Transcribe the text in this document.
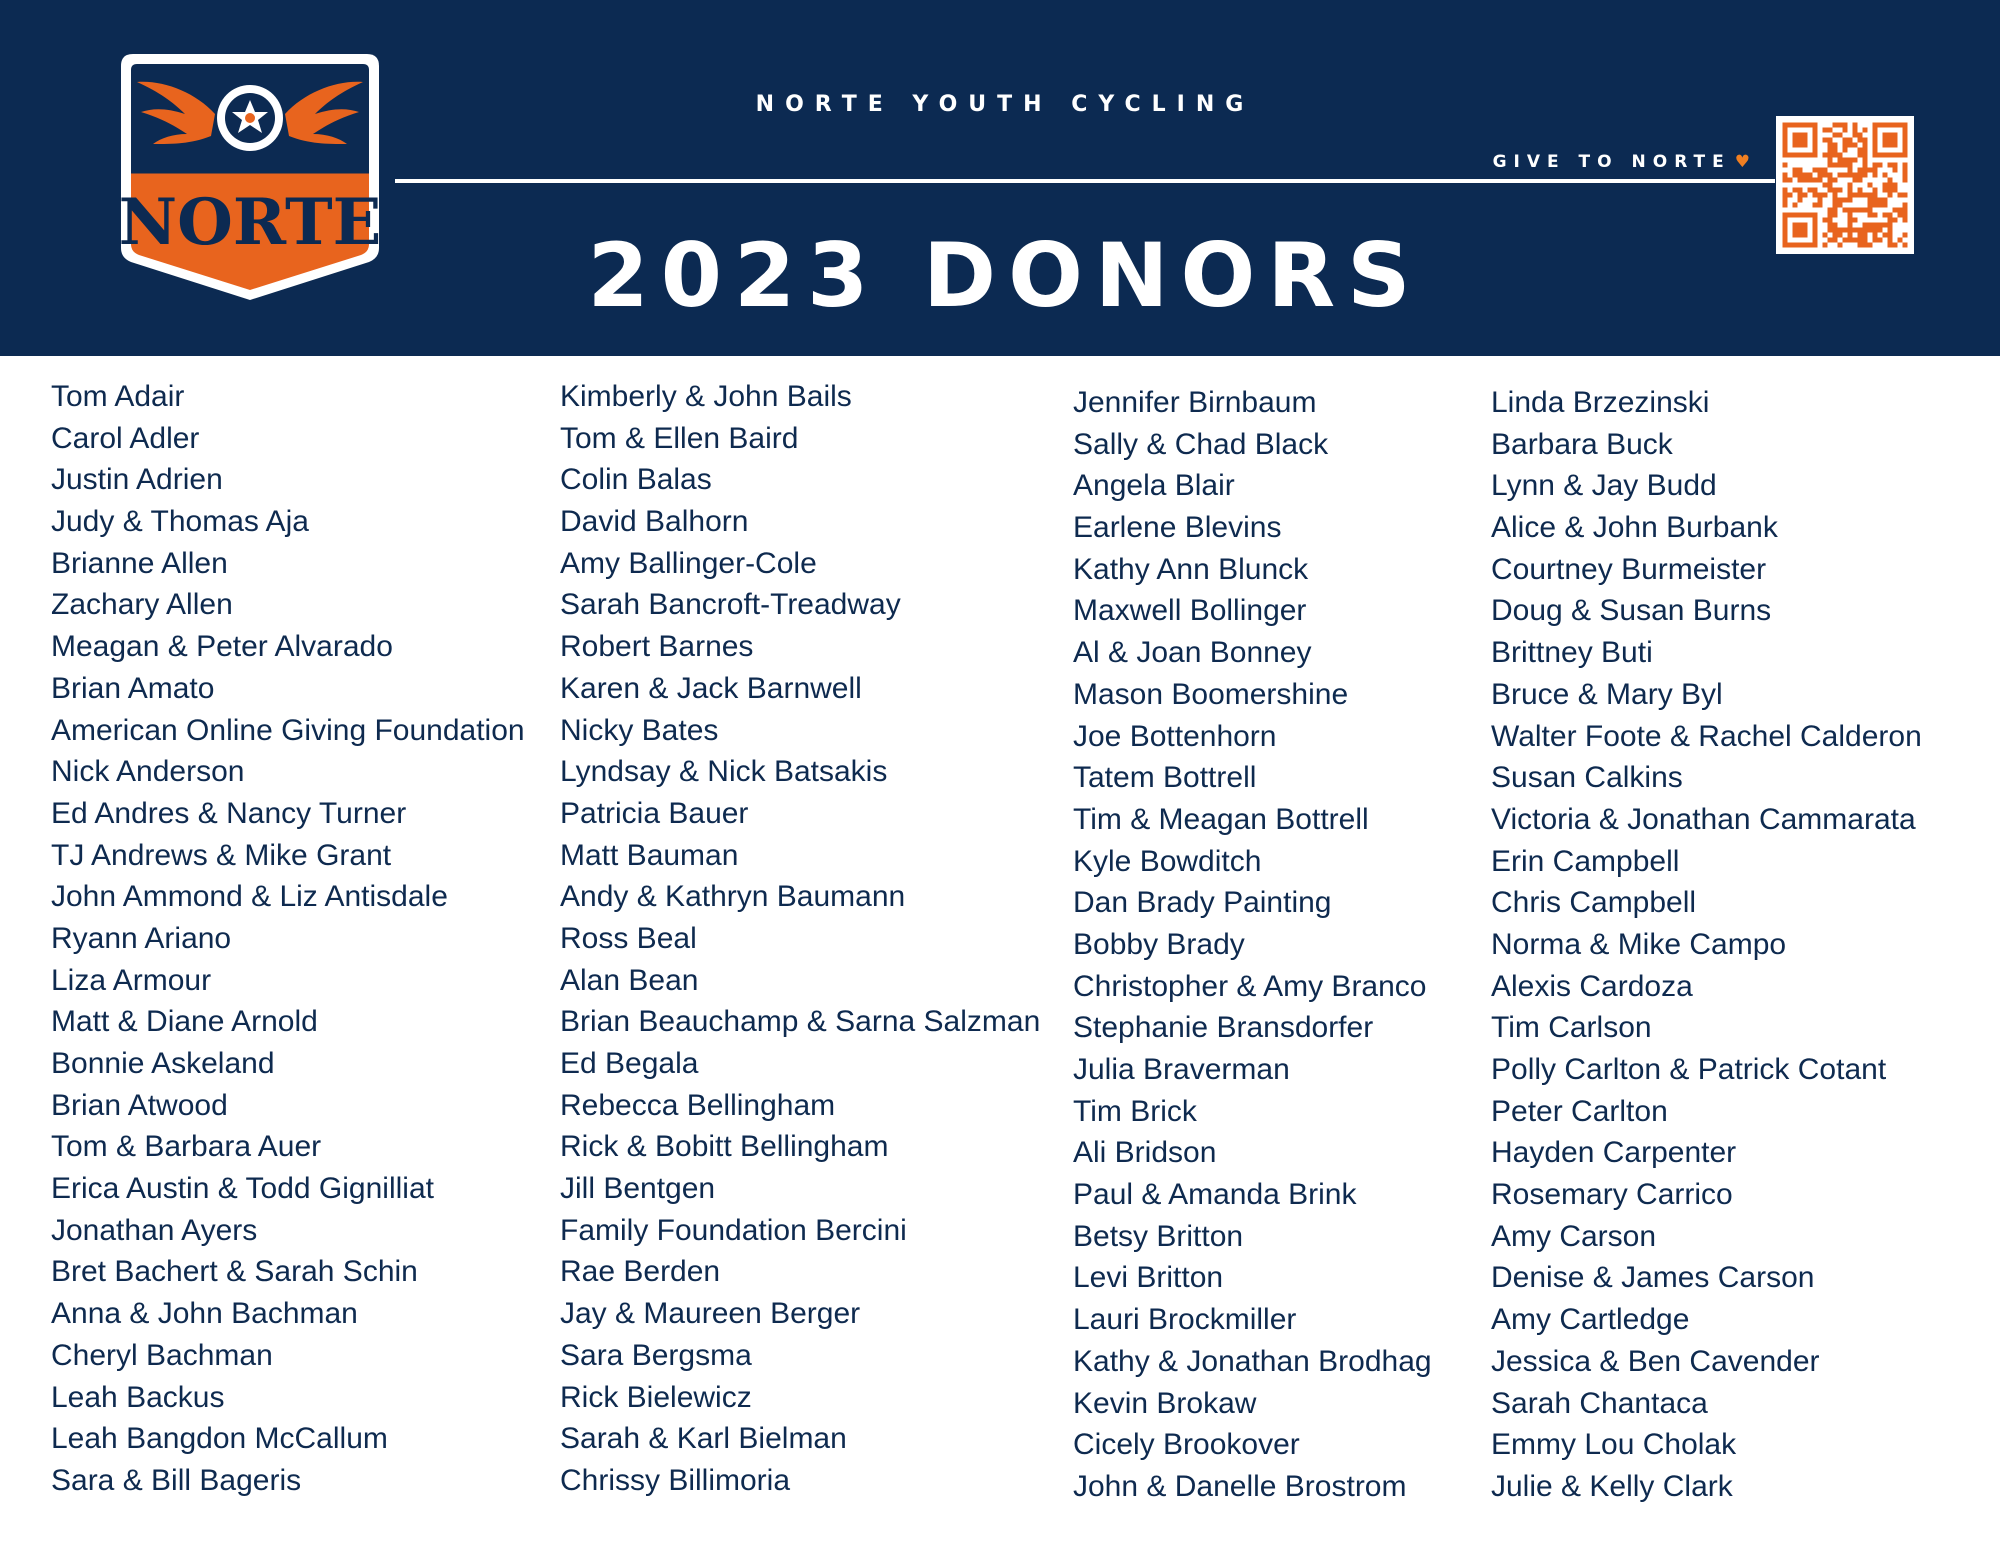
NORTE
NORTE YOUTH CYCLING
GIVE TO NORTE ♥
2023 DONORS
Tom Adair
Carol Adler
Justin Adrien
Judy & Thomas Aja
Brianne Allen
Zachary Allen
Meagan & Peter Alvarado
Brian Amato
American Online Giving Foundation
Nick Anderson
Ed Andres & Nancy Turner
TJ Andrews & Mike Grant
John Ammond & Liz Antisdale
Ryann Ariano
Liza Armour
Matt & Diane Arnold
Bonnie Askeland
Brian Atwood
Tom & Barbara Auer
Erica Austin & Todd Gignilliat
Jonathan Ayers
Bret Bachert & Sarah Schin
Anna & John Bachman
Cheryl Bachman
Leah Backus
Leah Bangdon McCallum
Sara & Bill Bageris
Kimberly & John Bails
Tom & Ellen Baird
Colin Balas
David Balhorn
Amy Ballinger-Cole
Sarah Bancroft-Treadway
Robert Barnes
Karen & Jack Barnwell
Nicky Bates
Lyndsay & Nick Batsakis
Patricia Bauer
Matt Bauman
Andy & Kathryn Baumann
Ross Beal
Alan Bean
Brian Beauchamp & Sarna Salzman
Ed Begala
Rebecca Bellingham
Rick & Bobitt Bellingham
Jill Bentgen
Family Foundation Bercini
Rae Berden
Jay & Maureen Berger
Sara Bergsma
Rick Bielewicz
Sarah & Karl Bielman
Chrissy Billimoria
Jennifer Birnbaum
Sally & Chad Black
Angela Blair
Earlene Blevins
Kathy Ann Blunck
Maxwell Bollinger
Al & Joan Bonney
Mason Boomershine
Joe Bottenhorn
Tatem Bottrell
Tim & Meagan Bottrell
Kyle Bowditch
Dan Brady Painting
Bobby Brady
Christopher & Amy Branco
Stephanie Bransdorfer
Julia Braverman
Tim Brick
Ali Bridson
Paul & Amanda Brink
Betsy Britton
Levi Britton
Lauri Brockmiller
Kathy & Jonathan Brodhag
Kevin Brokaw
Cicely Brookover
John & Danelle Brostrom
Linda Brzezinski
Barbara Buck
Lynn & Jay Budd
Alice & John Burbank
Courtney Burmeister
Doug & Susan Burns
Brittney Buti
Bruce & Mary Byl
Walter Foote & Rachel Calderon
Susan Calkins
Victoria & Jonathan Cammarata
Erin Campbell
Chris Campbell
Norma & Mike Campo
Alexis Cardoza
Tim Carlson
Polly Carlton & Patrick Cotant
Peter Carlton
Hayden Carpenter
Rosemary Carrico
Amy Carson
Denise & James Carson
Amy Cartledge
Jessica & Ben Cavender
Sarah Chantaca
Emmy Lou Cholak
Julie & Kelly Clark
